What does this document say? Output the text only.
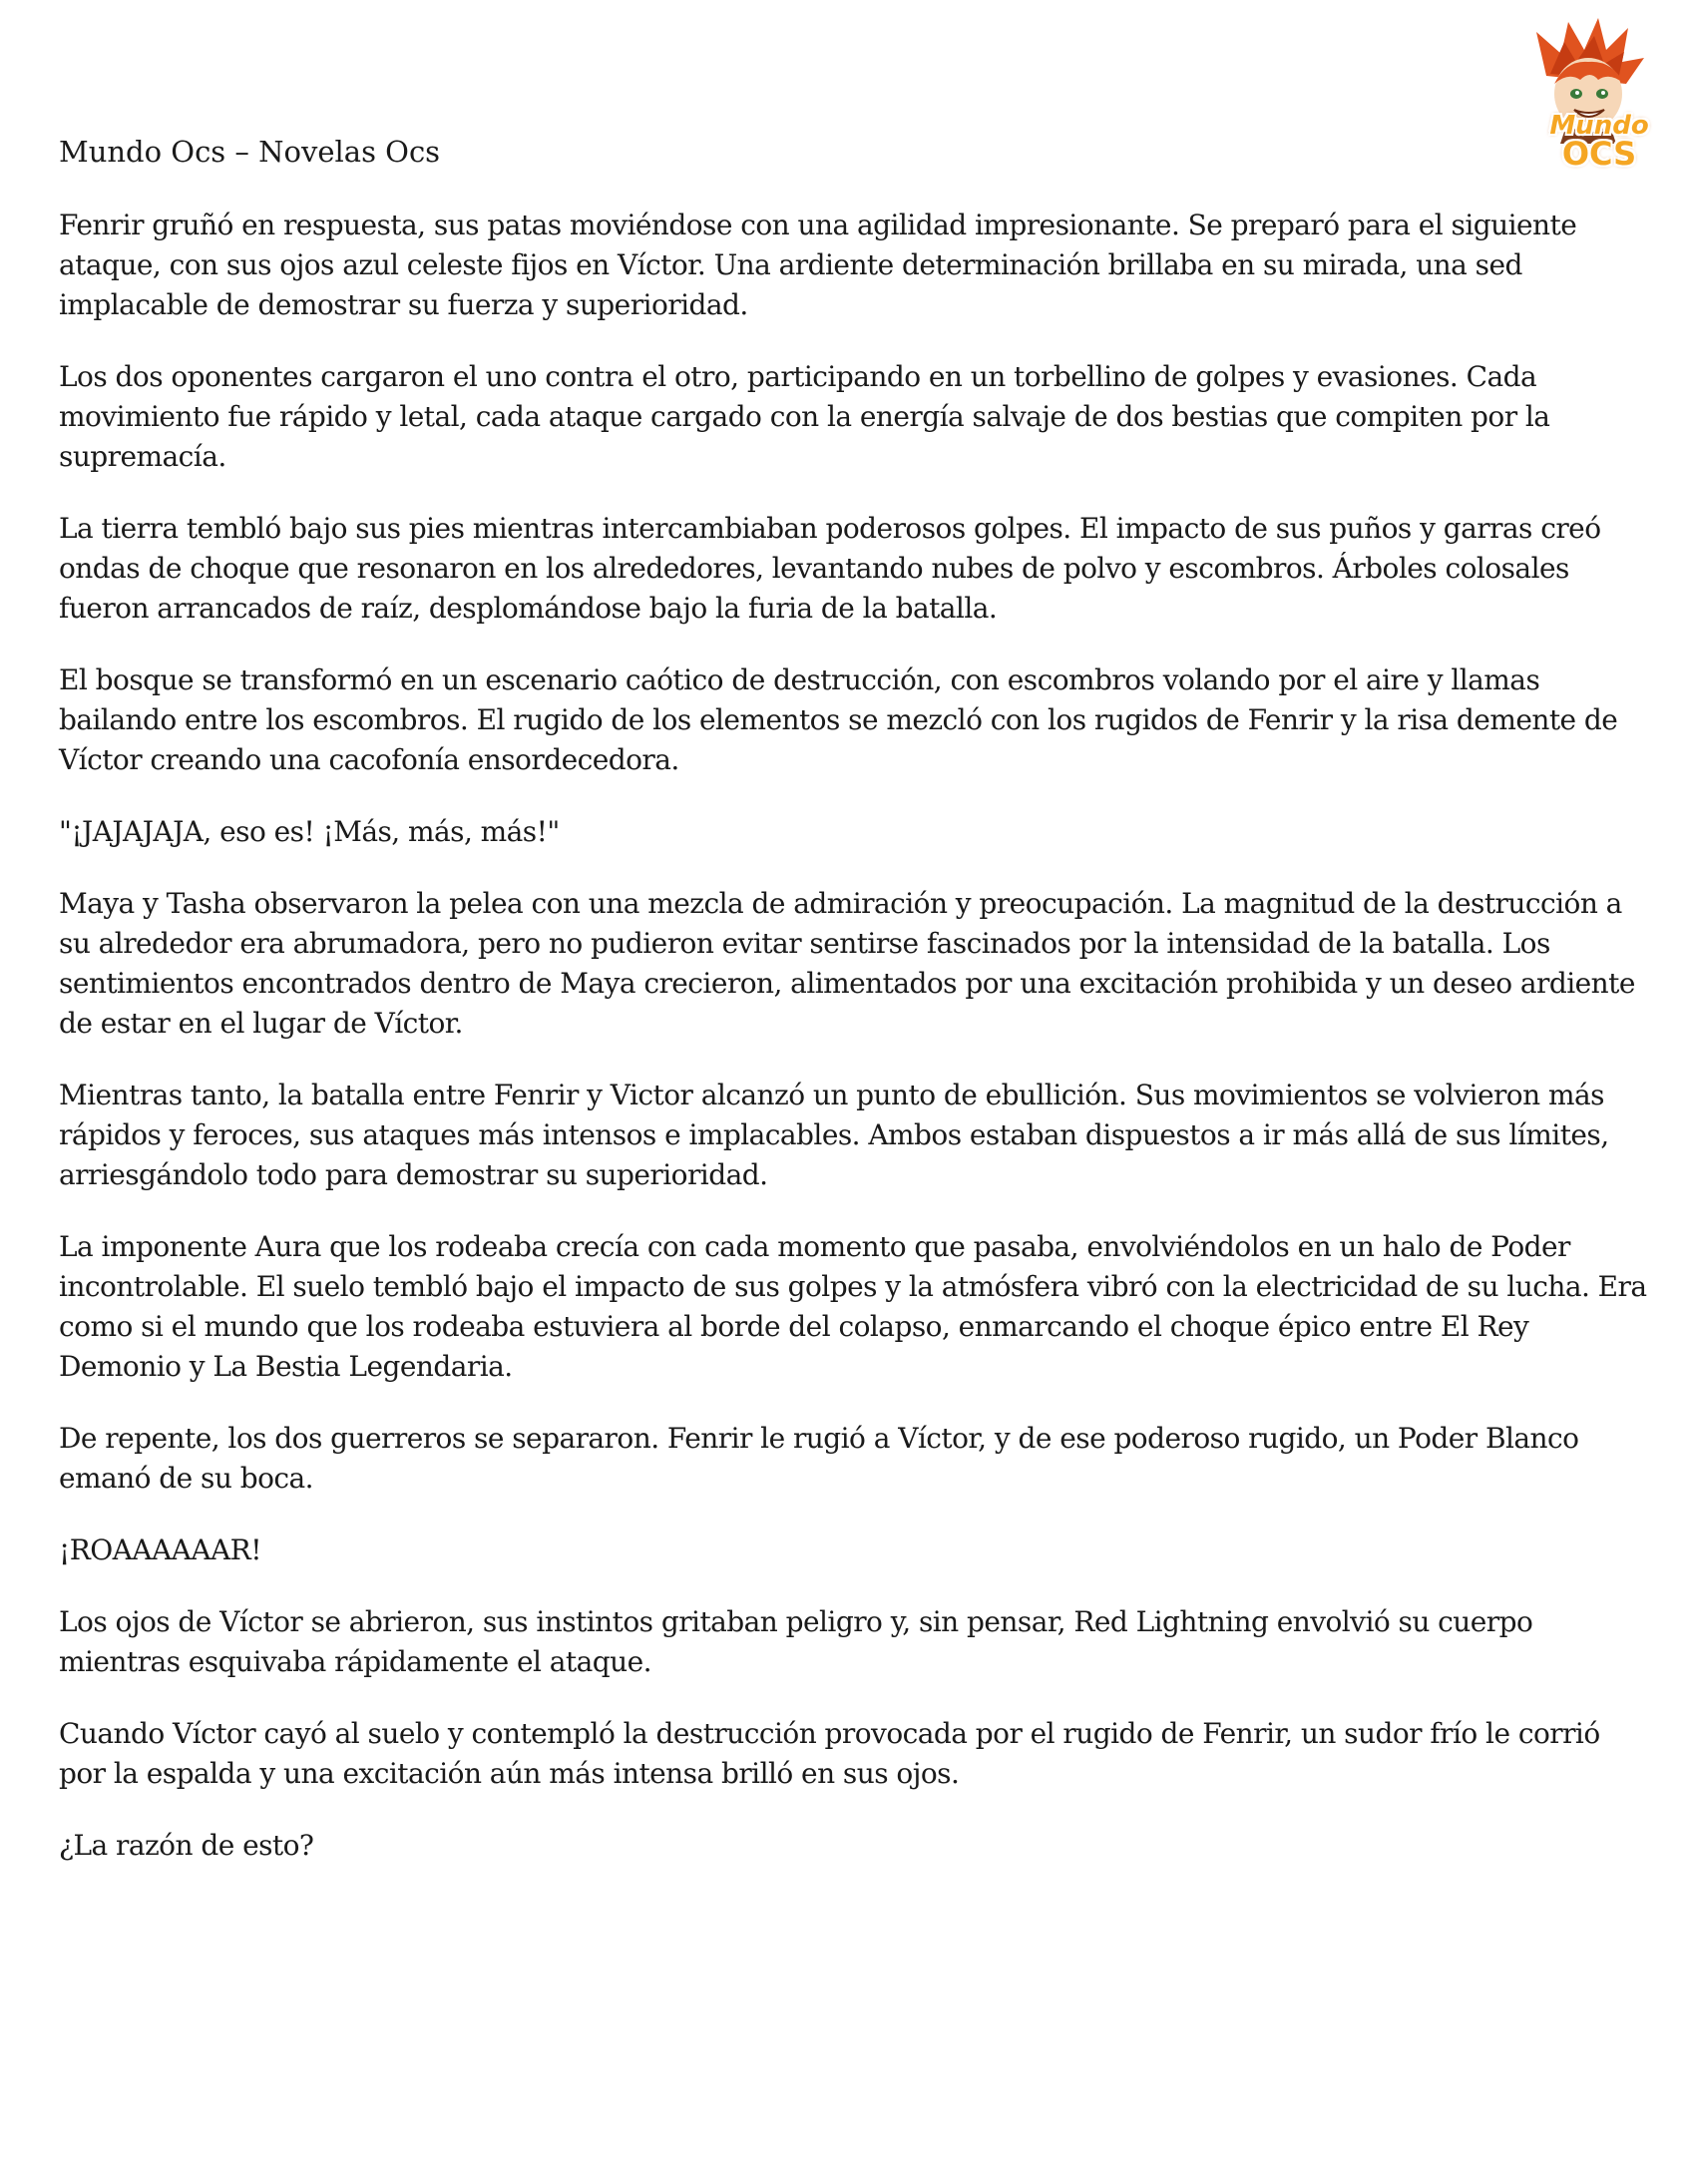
Mundo
OCS
Mundo Ocs – Novelas Ocs

Fenrir gruñó en respuesta, sus patas moviéndose con una agilidad impresionante. Se preparó para el siguiente ataque, con sus ojos azul celeste fijos en Víctor. Una ardiente determinación brillaba en su mirada, una sed implacable de demostrar su fuerza y superioridad.

Los dos oponentes cargaron el uno contra el otro, participando en un torbellino de golpes y evasiones. Cada movimiento fue rápido y letal, cada ataque cargado con la energía salvaje de dos bestias que compiten por la supremacía.

La tierra tembló bajo sus pies mientras intercambiaban poderosos golpes. El impacto de sus puños y garras creó ondas de choque que resonaron en los alrededores, levantando nubes de polvo y escombros. Árboles colosales fueron arrancados de raíz, desplomándose bajo la furia de la batalla.

El bosque se transformó en un escenario caótico de destrucción, con escombros volando por el aire y llamas bailando entre los escombros. El rugido de los elementos se mezcló con los rugidos de Fenrir y la risa demente de Víctor creando una cacofonía ensordecedora.

"¡JAJAJAJA, eso es! ¡Más, más, más!"

Maya y Tasha observaron la pelea con una mezcla de admiración y preocupación. La magnitud de la destrucción a su alrededor era abrumadora, pero no pudieron evitar sentirse fascinados por la intensidad de la batalla. Los sentimientos encontrados dentro de Maya crecieron, alimentados por una excitación prohibida y un deseo ardiente de estar en el lugar de Víctor.

Mientras tanto, la batalla entre Fenrir y Victor alcanzó un punto de ebullición. Sus movimientos se volvieron más rápidos y feroces, sus ataques más intensos e implacables. Ambos estaban dispuestos a ir más allá de sus límites, arriesgándolo todo para demostrar su superioridad.

La imponente Aura que los rodeaba crecía con cada momento que pasaba, envolviéndolos en un halo de Poder incontrolable. El suelo tembló bajo el impacto de sus golpes y la atmósfera vibró con la electricidad de su lucha. Era como si el mundo que los rodeaba estuviera al borde del colapso, enmarcando el choque épico entre El Rey Demonio y La Bestia Legendaria.

De repente, los dos guerreros se separaron. Fenrir le rugió a Víctor, y de ese poderoso rugido, un Poder Blanco emanó de su boca.

¡ROAAAAAAR!

Los ojos de Víctor se abrieron, sus instintos gritaban peligro y, sin pensar, Red Lightning envolvió su cuerpo mientras esquivaba rápidamente el ataque.

Cuando Víctor cayó al suelo y contempló la destrucción provocada por el rugido de Fenrir, un sudor frío le corrió por la espalda y una excitación aún más intensa brilló en sus ojos.

¿La razón de esto?
